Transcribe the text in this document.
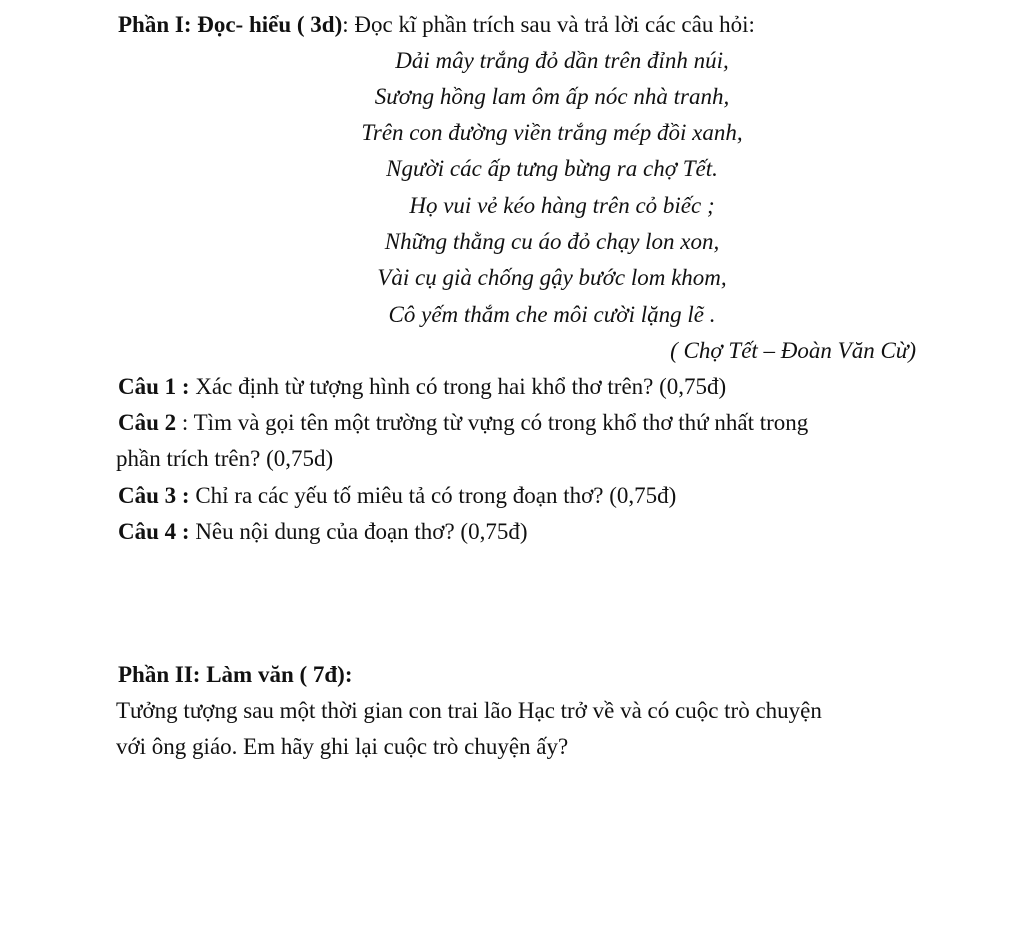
Phần I: Đọc- hiểu ( 3d): Đọc kĩ phần trích sau và trả lời các câu hỏi:
Dải mây trắng đỏ dần trên đỉnh núi,
Sương hồng lam ôm ấp nóc nhà tranh,
Trên con đường viền trắng mép đồi xanh,
Người các ấp tưng bừng ra chợ Tết.
Họ vui vẻ kéo hàng trên cỏ biếc ;
Những thằng cu áo đỏ chạy lon xon,
Vài cụ già chống gậy bước lom khom,
Cô yếm thắm che môi cười lặng lẽ .
( Chợ Tết – Đoàn Văn Cừ)
Câu 1 : Xác định từ tượng hình có trong hai khổ thơ trên? (0,75đ)
Câu 2 : Tìm và gọi tên một trường từ vựng có trong khổ thơ thứ nhất trong
phần trích trên? (0,75d)
Câu 3 : Chỉ ra các yếu tố miêu tả có trong đoạn thơ? (0,75đ)
Câu 4 : Nêu nội dung của đoạn thơ? (0,75đ)
Phần II: Làm văn ( 7đ):
Tưởng tượng sau một thời gian con trai lão Hạc trở về và có cuộc trò chuyện
với ông giáo. Em hãy ghi lại cuộc trò chuyện ấy?
